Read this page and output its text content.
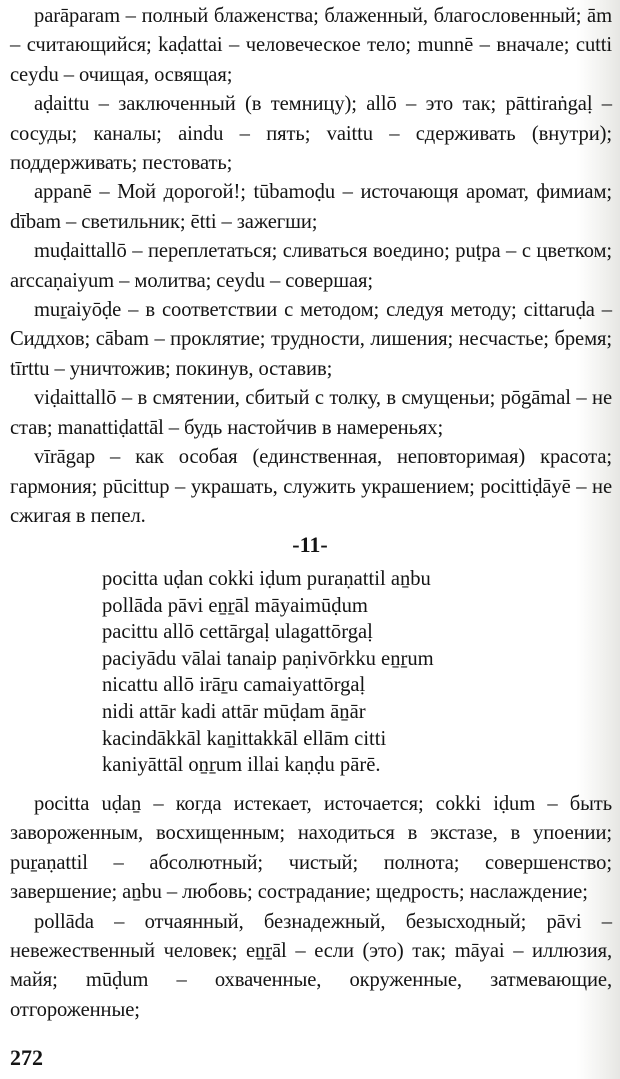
parāparam – полный блаженства; блаженный, благословенный; ām – считающийся; kaḍattai – человеческое тело; munnē – вначале; cutti ceydu – очищая, освящая;

aḍaittu – заключенный (в темницу); allō – это так; pāttiraṅgaḷ – сосуды; каналы; aindu – пять; vaittu – сдерживать (внутри); поддерживать; пестовать;

appanē – Мой дорогой!; tūbamoḍu – источающя аромат, фимиам; dībam – светильник; ētti – зажегши;

muḍaittallō – переплетаться; сливаться воедино; puṭpa – с цветком; arccaṇaiyum – молитва; ceydu – совершая;

muṟaiyōḍe – в соответствии с методом; следуя методу; cittaruḍa – Сиддхов; cābam – проклятие; трудности, лишения; несчастье; бремя; tīrttu – уничтожив; покинув, оставив;

viḍaittallō – в смятении, сбитый с толку, в смущеньи; pōgāmal – не став; manattiḍattāl – будь настойчив в намереньях;

vīrāgap – как особая (единственная, неповторимая) красота; гармония; pūcittup – украшать, служить украшением; pocittiḍāyē – не сжигая в пепел.

-11-
pocitta uḍan cokki iḍum puraṇattil aṉbu
pollāda pāvi eṉṟāl māyaimūḍum
pacittu allō cettārgaḷ ulagattōrgaḷ
paciyādu vālai tanaip paṇivōrkku eṉṟum
nicattu allō irāṟu camaiyattōrgaḷ
nidi attār kadi attār mūḍam āṉār
kacindākkāl kaṉittakkāl ellām citti
kaniyāttāl oṉṟum illai kaṇḍu pārē.

pocitta uḍaṉ – когда истекает, источается; cokki iḍum – быть завороженным, восхищенным; находиться в экстазе, в упоении; puṟaṇattil – абсолютный; чистый; полнота; совершенство; завершение; aṉbu – любовь; сострадание; щедрость; наслаждение;

pollāda – отчаянный, безнадежный, безысходный; pāvi – невежественный человек; eṉṟāl – если (это) так; māyai – иллюзия, майя; mūḍum – охваченные, окруженные, затмевающие, отгороженные;

272
